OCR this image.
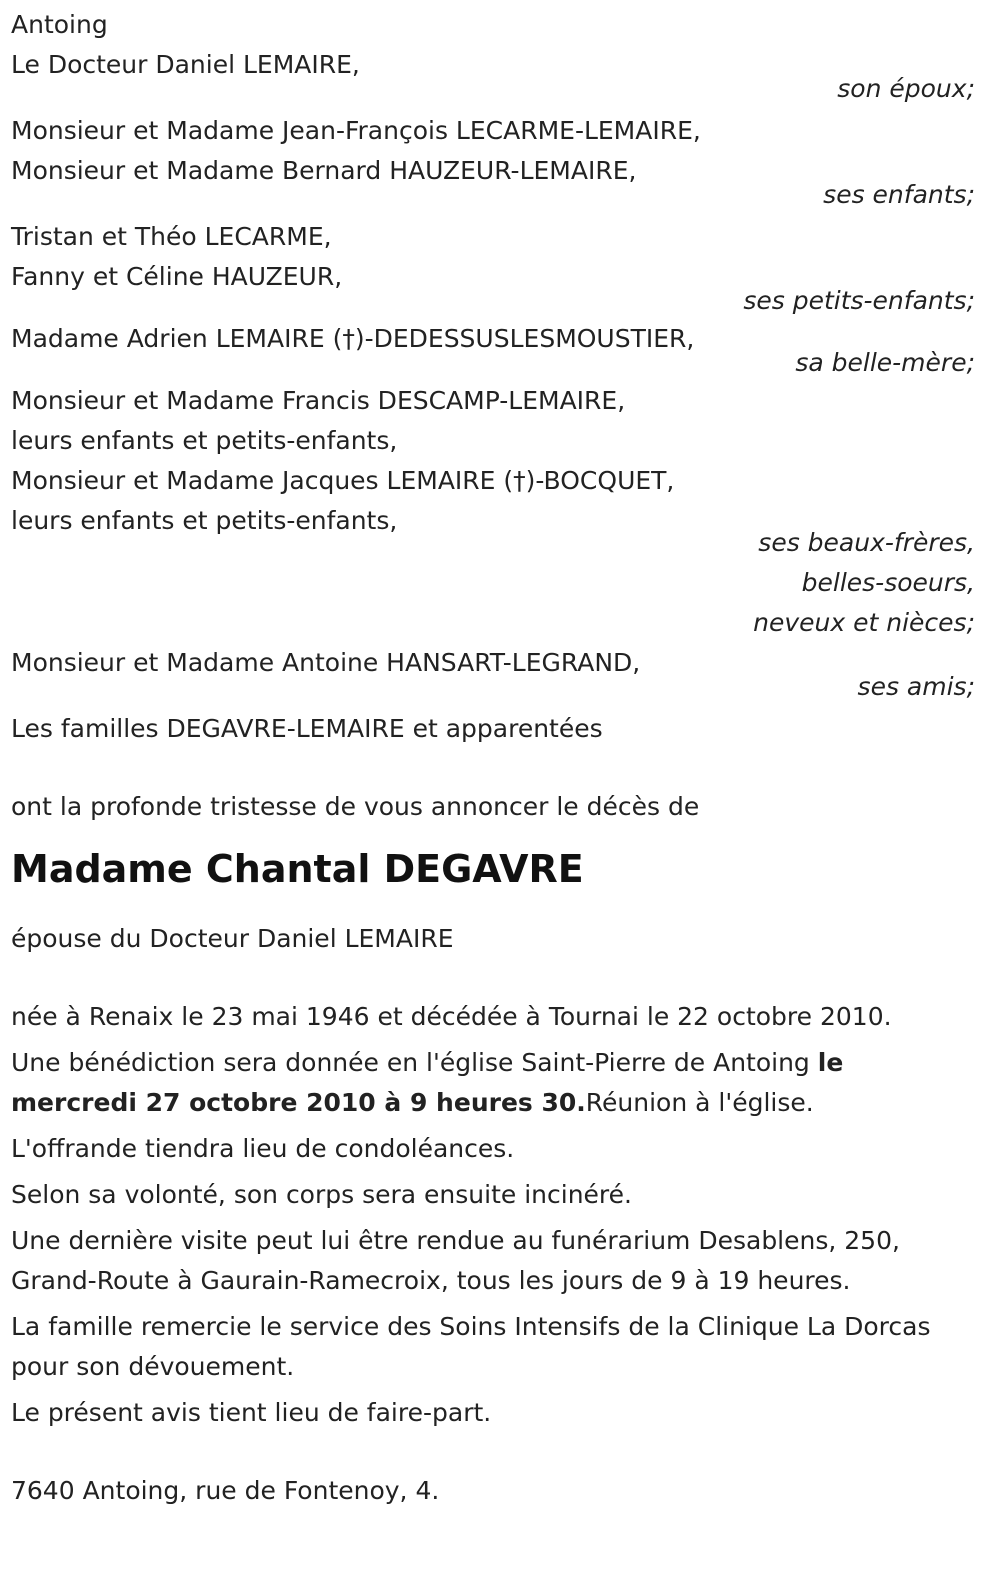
Antoing
Le Docteur Daniel LEMAIRE,
son époux;
Monsieur et Madame Jean-François LECARME-LEMAIRE,
Monsieur et Madame Bernard HAUZEUR-LEMAIRE,
ses enfants;
Tristan et Théo LECARME,
Fanny et Céline HAUZEUR,
ses petits-enfants;
Madame Adrien LEMAIRE (†)-DEDESSUSLESMOUSTIER,
sa belle-mère;
Monsieur et Madame Francis DESCAMP-LEMAIRE,
leurs enfants et petits-enfants,
Monsieur et Madame Jacques LEMAIRE (†)-BOCQUET,
leurs enfants et petits-enfants,
ses beaux-frères,
belles-soeurs,
neveux et nièces;
Monsieur et Madame Antoine HANSART-LEGRAND,
ses amis;
Les familles DEGAVRE-LEMAIRE et apparentées
ont la profonde tristesse de vous annoncer le décès de
Madame Chantal DEGAVRE
épouse du Docteur Daniel LEMAIRE
née à Renaix le 23 mai 1946 et décédée à Tournai le 22 octobre 2010.
Une bénédiction sera donnée en l'église Saint-Pierre de Antoing le mercredi 27 octobre 2010 à 9 heures 30.Réunion à l'église.
L'offrande tiendra lieu de condoléances.
Selon sa volonté, son corps sera ensuite incinéré.
Une dernière visite peut lui être rendue au funérarium Desablens, 250, Grand-Route à Gaurain-Ramecroix, tous les jours de 9 à 19 heures.
La famille remercie le service des Soins Intensifs de la Clinique La Dorcas pour son dévouement.
Le présent avis tient lieu de faire-part.
7640 Antoing, rue de Fontenoy, 4.
